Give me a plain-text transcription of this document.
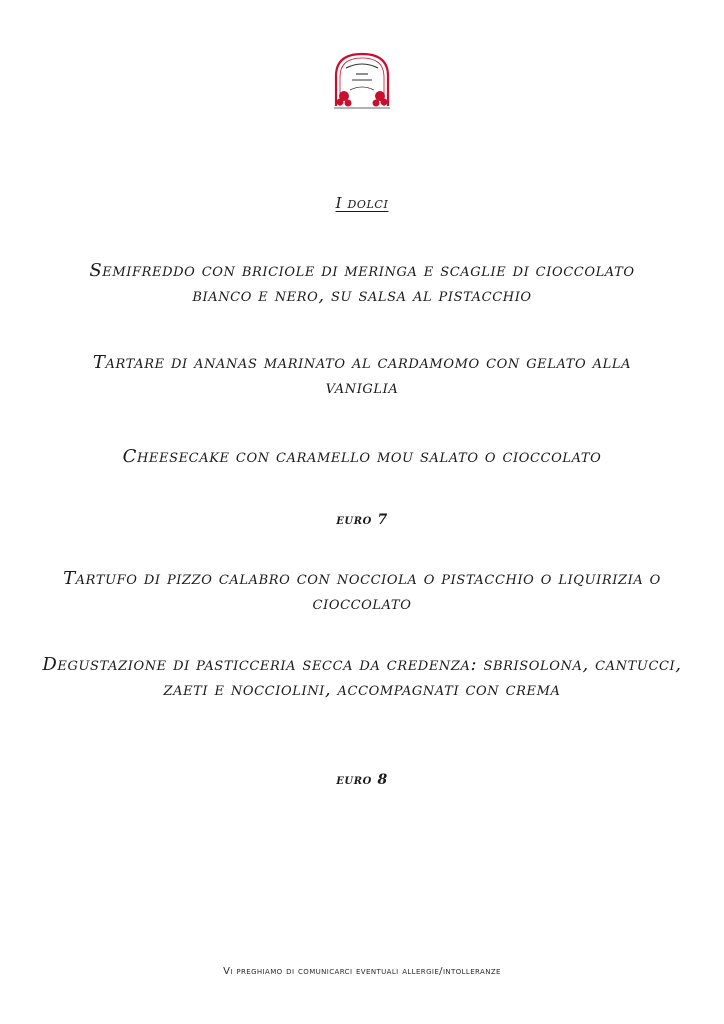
I dolci
Semifreddo con briciole di meringa e scaglie di cioccolato bianco e nero, su salsa al pistacchio
Tartare di ananas marinato al cardamomo con gelato alla vaniglia
Cheesecake con caramello mou salato o cioccolato
euro 7
Tartufo di pizzo calabro con nocciola o pistacchio o liquirizia o cioccolato
Degustazione di pasticceria secca da credenza: sbrisolona, cantucci, zaeti e nocciolini, accompagnati con crema
euro 8
Vi preghiamo di comunicarci eventuali allergie/intolleranze
